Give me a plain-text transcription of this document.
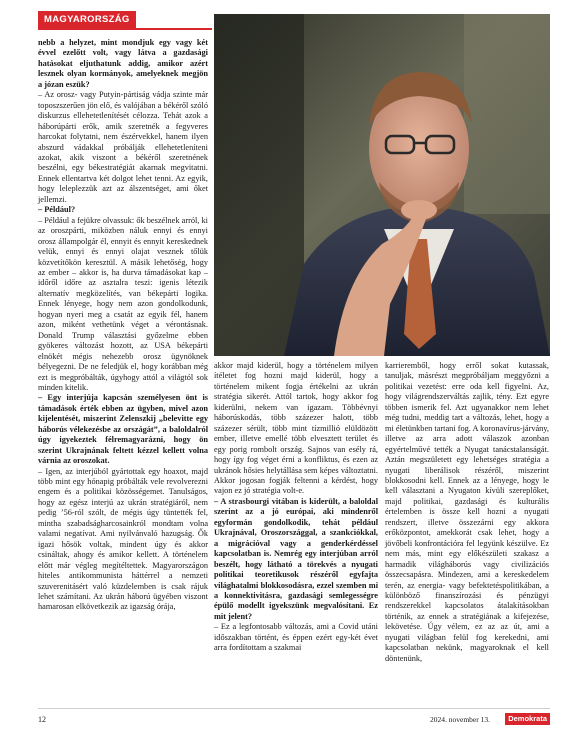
MAGYARORSZÁG

nebb a helyzet, mint mondjuk egy vagy két évvel ezelőtt volt, vagy látva a gazdasági hatásokat eljuthatunk addig, amikor azért lesznek olyan kormányok, amelyeknek megjön a józan eszük?

– Az orosz- vagy Putyin-pártiság vádja szinte már toposzszerűen jön elő, és valójában a békéről szóló diskurzus ellehetetlenítését célozza. Tehát azok a háborúpárti erők, amik szeretnék a fegyveres harcokat folytatni, nem észérvekkel, hanem ilyen abszurd vádakkal próbálják ellehetetleníteni azokat, akik viszont a békéről szeretnének beszélni, egy békestratégiát akarnak megvitatni. Ennek ellentartva két dolgot lehet tenni. Az egyik, hogy leleplezzük azt az álszentséget, ami őket jellemzi.

– Például?

– Például a fejükre olvassuk: ők beszélnek arról, ki az oroszpárti, miközben náluk ennyi és ennyi orosz állampolgár él, ennyit és ennyit kereskednek velük, ennyi és ennyi olajat vesznek tőlük közvetítőkön keresztül. A másik lehetőség, hogy az ember – akkor is, ha durva támadásokat kap – időről időre az asztalra teszi: igenis létezik alternatív megközelítés, van békepárti logika. Ennek lényege, hogy nem azon gondolkodunk, hogyan nyeri meg a csatát az egyik fél, hanem azon, miként vethetünk véget a vérontásnak. Donald Trump választási győzelme ebben gyökeres változást hozott, az USA békepárti elnökét mégis nehezebb orosz ügynöknek bélyegezni. De ne feledjük el, hogy korábban még ezt is megpróbálták, úgyhogy attól a világtól sok minden kitelik.

– Egy interjúja kapcsán személyesen önt is támadások érték ebben az ügyben, mivel azon kijelentését, miszerint Zelenszkij „belevitte egy háborús vélekezésbe az országát”, a baloldalról úgy igyekeztek félremagyarázni, hogy ön szerint Ukrajnának feltett kézzel kellett volna várnia az oroszokat.

– Igen, az interjúból gyártottak egy hoaxot, majd több mint egy hónapig próbálták vele revolverezni engem és a politikai közösségemet. Tanulságos, hogy az egész interjú az ukrán stratégiáról, nem pedig ’56-ról szólt, de mégis úgy tüntették fel, mintha szabadságharcosainkról mondtam volna valami negatívat. Ami nyilvánvaló hazugság. Ők igazi hősök voltak, mindent úgy és akkor csináltak, ahogy és amikor kellett. A történelem előtt már végleg megítéltettek. Magyarországon hiteles antikommunista háttérrel a nemzeti szuverenitásért való küzdelemben is csak rájuk lehet számítani. Az ukrán háború ügyében viszont hamarosan elkövetkezik az igazság órája,

akkor majd kiderül, hogy a történelem milyen ítéletet fog hozni majd kiderül, hogy a történelem mikent fogja értékelni az ukrán stratégia sikerét. Attól tartok, hogy akkor fog kiderülni, nekem van igazam. Többévnyi háborúskodás, több százezer halott, több százezer sérült, több mint tízmillió elüldözött ember, illetve emellé több elvesztett terület és egy porig rombolt ország. Sajnos van esély rá, hogy így fog véget érni a konfliktus, és ezen az ukránok hősies helytállása sem képes változtatni. Akkor jogosan fogják feltenni a kérdést, hogy vajon ez jó stratégia volt-e.

– A strasbourgi vitában is kiderült, a baloldal szerint az a jó európai, aki mindenről egyformán gondolkodik, tehát például Ukrajnával, Oroszországgal, a szankciókkal, a migrációval vagy a genderkérdéssel kapcsolatban is. Nemrég egy interjúban arról beszélt, hogy látható a törekvés a nyugati politikai teoretikusok részéről egyfajta világhatalmi blokkosodásra, ezzel szemben mi a konnektivitásra, gazdasági semlegességre épülő modellt igyekszünk megvalósítani. Ez mit jelent?

– Ez a legfontosabb változás, ami a Covid utáni időszakban történt, és éppen ezért egy-két évet arra fordítottam a szakmai

karrieremből, hogy erről sokat kutassak, tanuljak, másrészt megpróbáljam meggyőzni a politikai vezetést: erre oda kell figyelni. Az, hogy világrendszerváltás zajlik, tény. Ezt egyre többen ismerik fel. Azt ugyanakkor nem lehet még tudni, meddig tart a változás, lehet, hogy a mi életünkben tartani fog. A koronavírus-járvány, illetve az arra adott válaszok azonban egyértelművé tették a Nyugat tanácstalanságát. Aztán megszületett egy lehetséges stratégia a nyugati liberálisok részéről, miszerint blokkosodni kell. Ennek az a lényege, hogy le kell választani a Nyugaton kívüli szereplőket, majd politikai, gazdasági és kulturális értelemben is össze kell hozni a nyugati rendszert, illetve összezárni egy akkora erőközpontot, amekkorát csak lehet, hogy a jövőbeli konfrontációra fel legyünk készülve. Ez nem más, mint egy előkészületi szakasz a harmadik világháborús vagy civilizációs összecsapásra. Mindezen, ami a kereskedelem terén, az energia- vagy befektetéspolitikában, a különböző finanszírozási és pénzügyi rendszerekkel kapcsolatos átalakításokban történik, az ennek a stratégiának a kifejezése, lekövetése. Úgy vélem, ez az az út, ami a nyugati világban felül fog kerekedni, ami kapcsolatban nekünk, magyaroknak el kell döntenünk,

12	2024. november 13.	Demokrata
